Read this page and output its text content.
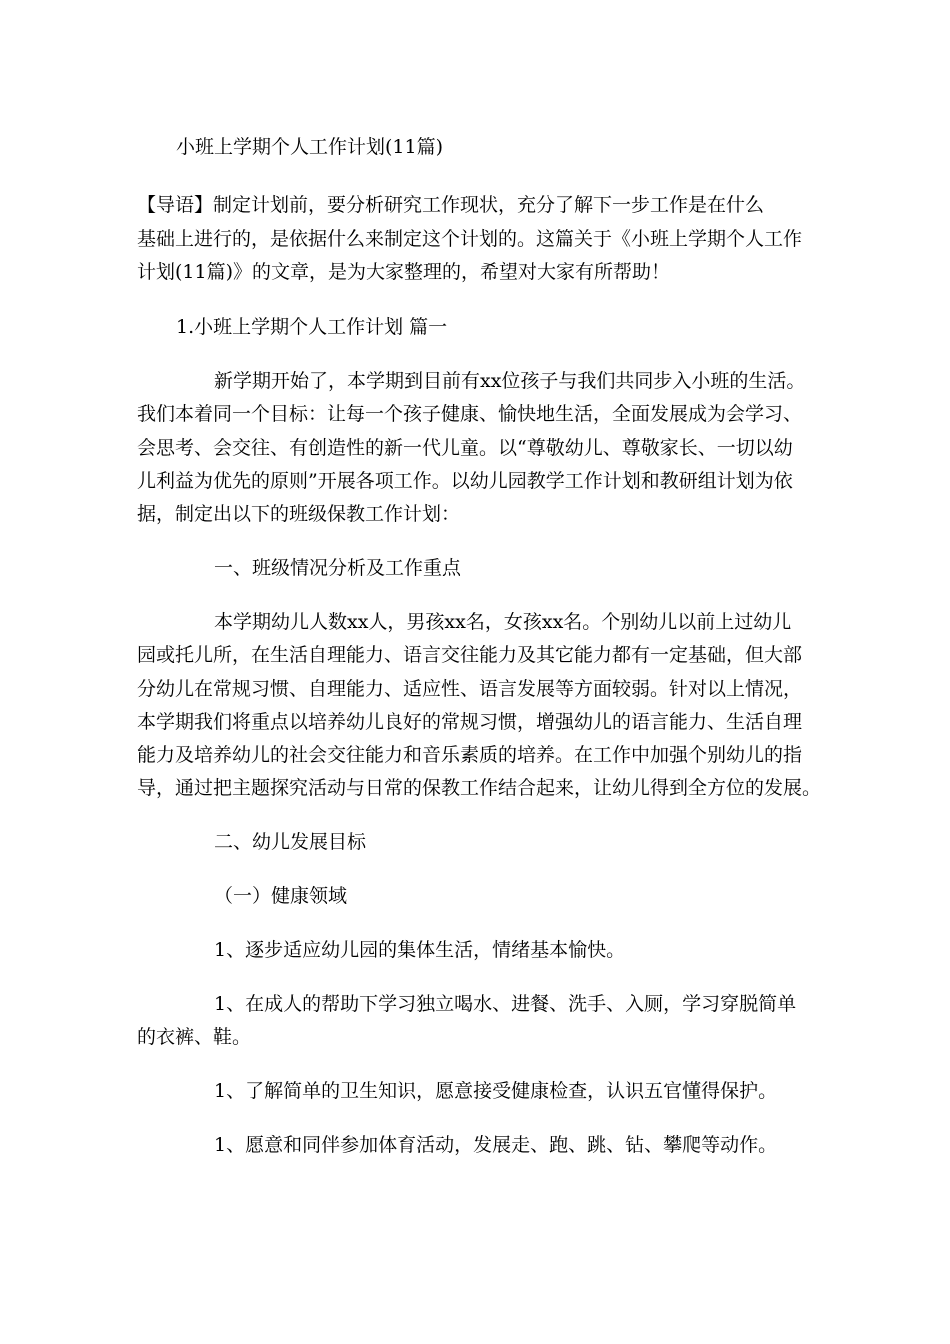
小班上学期个人工作计划(11篇)
【导语】制定计划前，要分析研究工作现状，充分了解下一步工作是在什么
基础上进行的，是依据什么来制定这个计划的。这篇关于《小班上学期个人工作
计划(11篇)》的文章，是为大家整理的，希望对大家有所帮助！
1.小班上学期个人工作计划 篇一
新学期开始了，本学期到目前有xx位孩子与我们共同步入小班的生活。
我们本着同一个目标：让每一个孩子健康、愉快地生活，全面发展成为会学习、
会思考、会交往、有创造性的新一代儿童。以“尊敬幼儿、尊敬家长、一切以幼
儿利益为优先的原则”开展各项工作。以幼儿园教学工作计划和教研组计划为依
据，制定出以下的班级保教工作计划：
一、班级情况分析及工作重点
本学期幼儿人数xx人，男孩xx名，女孩xx名。个别幼儿以前上过幼儿
园或托儿所，在生活自理能力、语言交往能力及其它能力都有一定基础，但大部
分幼儿在常规习惯、自理能力、适应性、语言发展等方面较弱。针对以上情况，
本学期我们将重点以培养幼儿良好的常规习惯，增强幼儿的语言能力、生活自理
能力及培养幼儿的社会交往能力和音乐素质的培养。在工作中加强个别幼儿的指
导，通过把主题探究活动与日常的保教工作结合起来，让幼儿得到全方位的发展。
二、幼儿发展目标
（一）健康领域
1、逐步适应幼儿园的集体生活，情绪基本愉快。
1、在成人的帮助下学习独立喝水、进餐、洗手、入厕，学习穿脱简单
的衣裤、鞋。
1、了解简单的卫生知识，愿意接受健康检查，认识五官懂得保护。
1、愿意和同伴参加体育活动，发展走、跑、跳、钻、攀爬等动作。
